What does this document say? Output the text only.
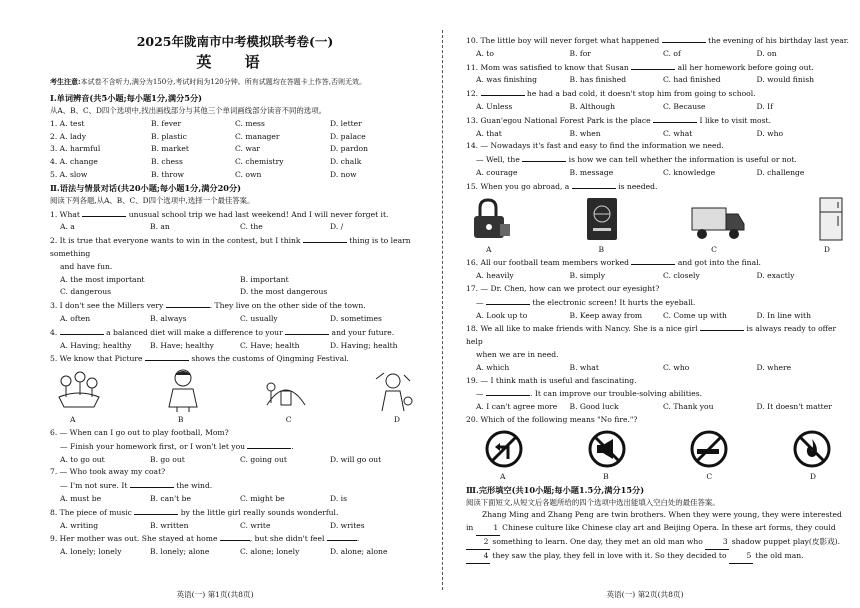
2025年陇南市中考模拟联考卷(一)
英 语
考生注意:本试卷不含听力,满分为150分,考试时间为120分钟。所有试题均在答题卡上作答,否则无效。
Ⅰ.单词辨音(共5小题;每小题1分,满分5分)
从A、B、C、D四个选项中,找出画线部分与其他三个单词画线部分读音不同的选项。
1. A. test	B. fever	C. mess	D. letter
2. A. lady	B. plastic	C. manager	D. palace
3. A. harmful	B. market	C. war	D. pardon
4. A. change	B. chess	C. chemistry	D. chalk
5. A. slow	B. throw	C. own	D. now
Ⅱ.语法与情景对话(共20小题;每小题1分,满分20分)
阅读下列各题,从A、B、C、D四个选项中,选择一个最佳答案。
1. What	unusual school trip we had last weekend! And I will never forget it.
A. a	B. an	C. the	D. /
2. It is true that everyone wants to win in the contest, but I think	thing is to learn something
and have fun.
A. the most important	B. important
C. dangerous	D. the most dangerous
3. I don't see the Millers very	. They live on the other side of the town.
A. often	B. always	C. usually	D. sometimes
4.	a balanced diet will make a difference to your	and your future.
A. Having; healthy	B. Have; healthy	C. Have; health	D. Having; health
5. We know that Picture	shows the customs of Qingming Festival.
A	B	C	D
6. — When can I go out to play football, Mom?
— Finish your homework first, or I won't let you	.
A. to go out	B. go out	C. going out	D. will go out
7. — Who took away my coat?
— I'm not sure. It	the wind.
A. must be	B. can't be	C. might be	D. is
8. The piece of music	by the little girl really sounds wonderful.
A. writing	B. written	C. write	D. writes
9. Her mother was out. She stayed at home	, but she didn't feel	.
A. lonely; lonely	B. lonely; alone	C. alone; lonely	D. alone; alone
英语(一) 第1页(共8页)
10. The little boy will never forget what happened	the evening of his birthday last year.
A. to	B. for	C. of	D. on
11. Mom was satisfied to know that Susan	all her homework before going out.
A. was finishing	B. has finished	C. had finished	D. would finish
12.	he had a bad cold, it doesn't stop him from going to school.
A. Unless	B. Although	C. Because	D. If
13. Guan'egou National Forest Park is the place	I like to visit most.
A. that	B. when	C. what	D. who
14. — Nowadays it's fast and easy to find the information we need.
— Well, the	is how we can tell whether the information is useful or not.
A. courage	B. message	C. knowledge	D. challenge
15. When you go abroad, a	is needed.
A	B	C	D
16. All our football team members worked	and got into the final.
A. heavily	B. simply	C. closely	D. exactly
17. — Dr. Chen, how can we protect our eyesight?
—	the electronic screen! It hurts the eyeball.
A. Look up to	B. Keep away from	C. Come up with	D. In line with
18. We all like to make friends with Nancy. She is a nice girl	is always ready to offer help
when we are in need.
A. which	B. what	C. who	D. where
19. — I think math is useful and fascinating.
—	. It can improve our trouble-solving abilities.
A. I can't agree more	B. Good luck	C. Thank you	D. It doesn't matter
20. Which of the following means "No fire."?
A	B	C	D
Ⅲ.完形填空(共10小题;每小题1.5分,满分15分)
阅读下面短文,从短文后各题所给的四个选项中选出能填入空白处的最佳答案。
Zhang Ming and Zhang Peng are twin brothers. When they were young, they were interested in	1 Chinese culture like Chinese clay art and Beijing Opera. In these art forms, they could 2 something to learn. One day, they met an old man who	3 shadow puppet play(皮影戏). 4 they saw the play, they fell in love with it. So they decided to	5 the old man.
英语(一) 第2页(共8页)
